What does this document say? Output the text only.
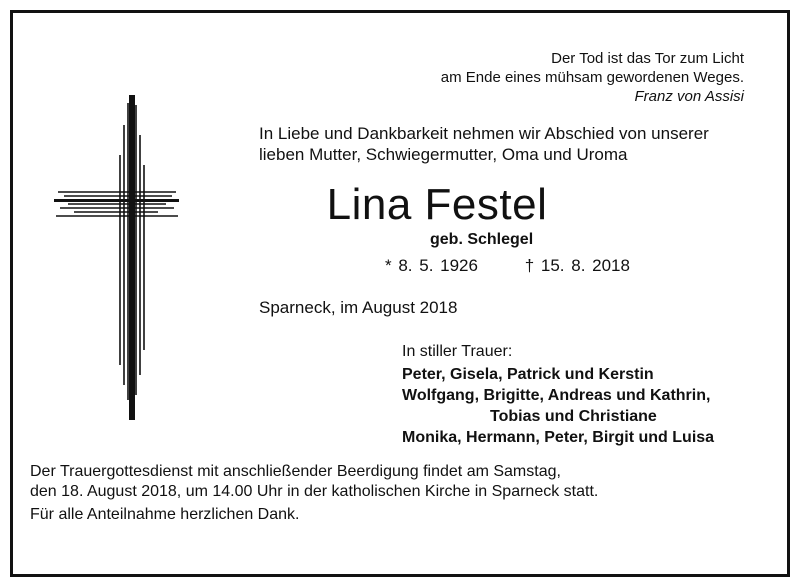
Der Tod ist das Tor zum Licht
am Ende eines mühsam gewordenen Weges.
Franz von Assisi
In Liebe und Dankbarkeit nehmen wir Abschied von unserer
lieben Mutter, Schwiegermutter, Oma und Uroma
Lina Festel
geb. Schlegel
* 8. 5. 1926	† 15. 8. 2018
Sparneck, im August 2018
In stiller Trauer:
Peter, Gisela, Patrick und Kerstin
Wolfgang, Brigitte, Andreas und Kathrin,
Tobias und Christiane
Monika, Hermann, Peter, Birgit und Luisa
Der Trauergottesdienst mit anschließender Beerdigung findet am Samstag,
den 18. August 2018, um 14.00 Uhr in der katholischen Kirche in Sparneck statt.
Für alle Anteilnahme herzlichen Dank.
